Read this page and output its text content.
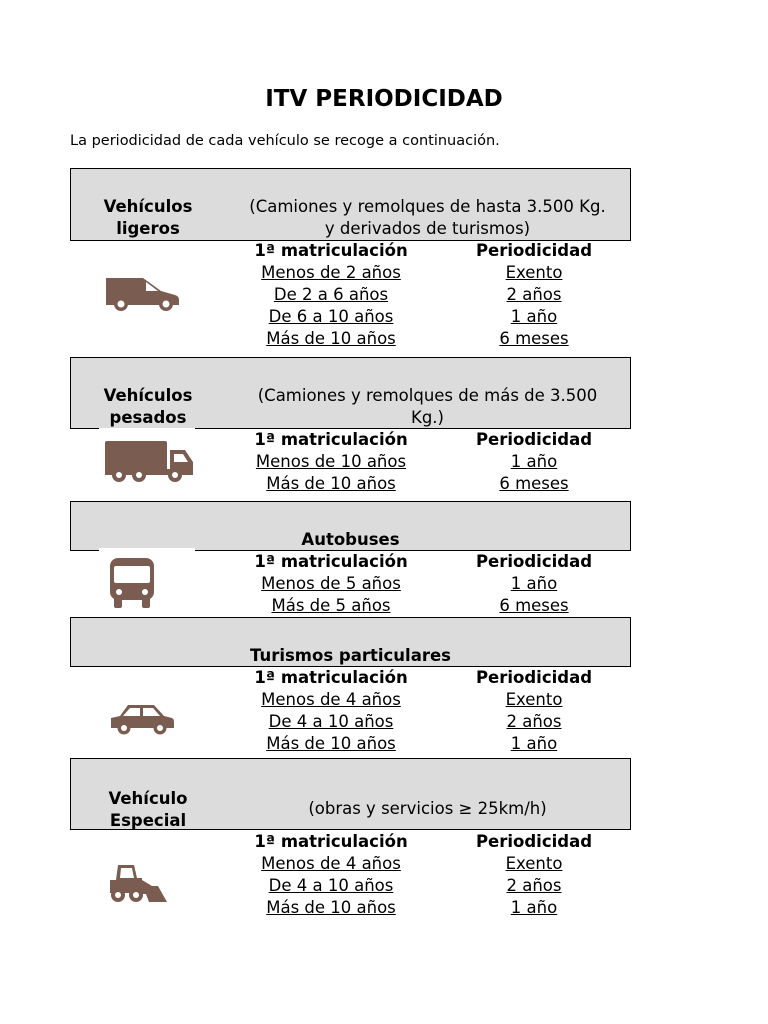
ITV PERIODICIDAD
La periodicidad de cada vehículo se recoge a continuación.
Vehículos
ligeros
(Camiones y remolques de hasta 3.500 Kg.
y derivados de turismos)
1ª matriculación	Periodicidad
Menos de 2 años	Exento
De 2 a 6 años	2 años
De 6 a 10 años	1 año
Más de 10 años	6 meses
Vehículos
pesados
(Camiones y remolques de más de 3.500
Kg.)
1ª matriculación	Periodicidad
Menos de 10 años	1 año
Más de 10 años	6 meses
Autobuses
1ª matriculación	Periodicidad
Menos de 5 años	1 año
Más de 5 años	6 meses
Turismos particulares
1ª matriculación	Periodicidad
Menos de 4 años	Exento
De 4 a 10 años	2 años
Más de 10 años	1 año
Vehículo
Especial
(obras y servicios ≥ 25km/h)
1ª matriculación	Periodicidad
Menos de 4 años	Exento
De 4 a 10 años	2 años
Más de 10 años	1 año
